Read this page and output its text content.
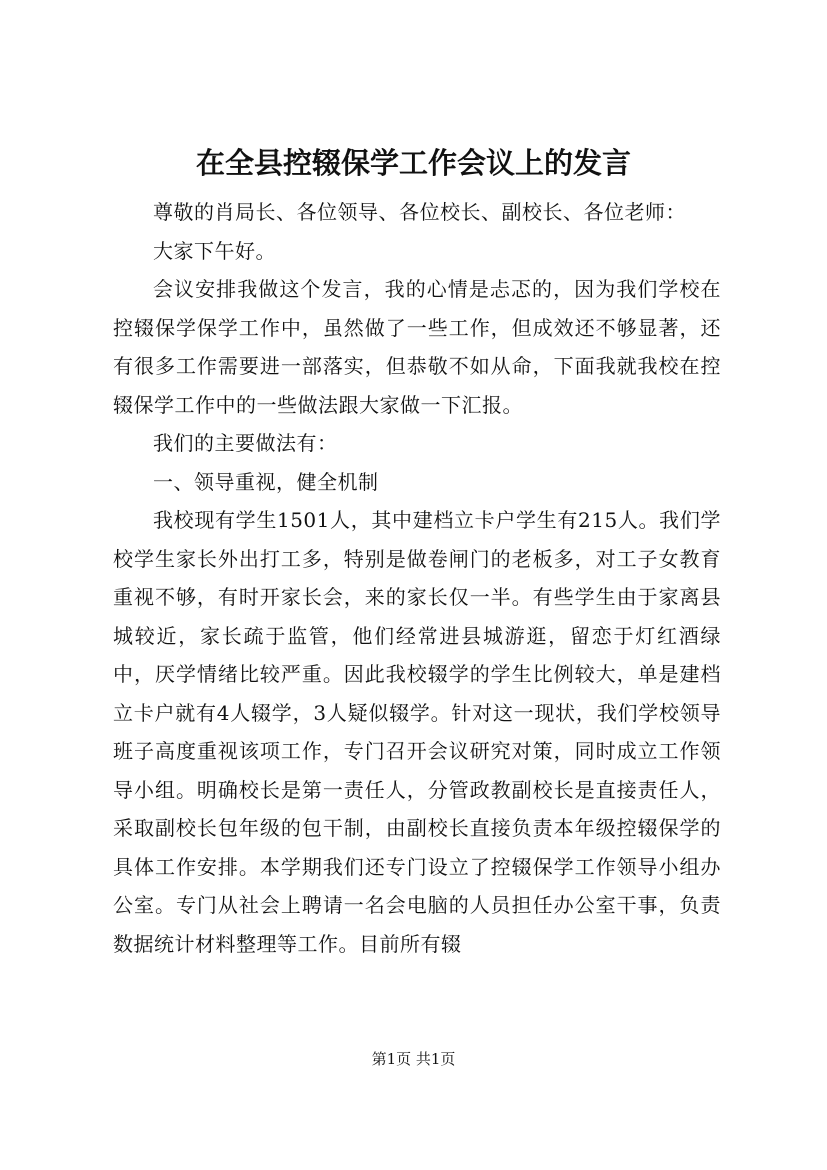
在全县控辍保学工作会议上的发言

尊敬的肖局长、各位领导、各位校长、副校长、各位老师：

大家下午好。

会议安排我做这个发言，我的心情是忐忑的，因为我们学校在控辍保学保学工作中，虽然做了一些工作，但成效还不够显著，还有很多工作需要进一部落实，但恭敬不如从命，下面我就我校在控辍保学工作中的一些做法跟大家做一下汇报。

我们的主要做法有：

一、领导重视，健全机制

我校现有学生1501人，其中建档立卡户学生有215人。我们学校学生家长外出打工多，特别是做卷闸门的老板多，对工子女教育重视不够，有时开家长会，来的家长仅一半。有些学生由于家离县城较近，家长疏于监管，他们经常进县城游逛，留恋于灯红酒绿中，厌学情绪比较严重。因此我校辍学的学生比例较大，单是建档立卡户就有4人辍学，3人疑似辍学。针对这一现状，我们学校领导班子高度重视该项工作，专门召开会议研究对策，同时成立工作领导小组。明确校长是第一责任人，分管政教副校长是直接责任人，采取副校长包年级的包干制，由副校长直接负责本年级控辍保学的具体工作安排。本学期我们还专门设立了控辍保学工作领导小组办公室。专门从社会上聘请一名会电脑的人员担任办公室干事，负责数据统计材料整理等工作。目前所有辍

第1页 共1页
